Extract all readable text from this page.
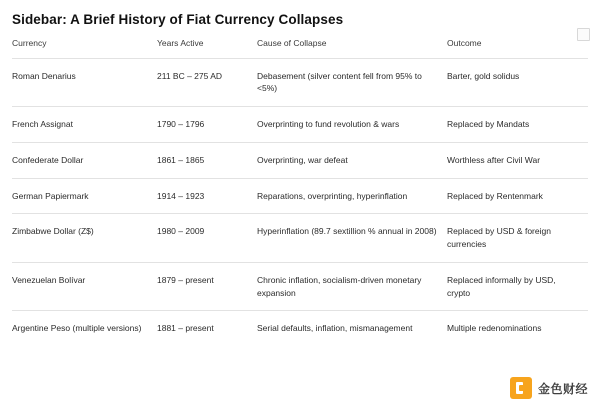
Sidebar: A Brief History of Fiat Currency Collapses
Currency	Years Active	Cause of Collapse	Outcome
Roman Denarius	211 BC – 275 AD	Debasement (silver content fell from 95% to <5%)	Barter, gold solidus
French Assignat	1790 – 1796	Overprinting to fund revolution & wars	Replaced by Mandats
Confederate Dollar	1861 – 1865	Overprinting, war defeat	Worthless after Civil War
German Papiermark	1914 – 1923	Reparations, overprinting, hyperinflation	Replaced by Rentenmark
Zimbabwe Dollar (Z$)	1980 – 2009	Hyperinflation (89.7 sextillion % annual in 2008)	Replaced by USD & foreign currencies
Venezuelan Bolívar	1879 – present	Chronic inflation, socialism-driven monetary expansion	Replaced informally by USD, crypto
Argentine Peso (multiple versions)	1881 – present	Serial defaults, inflation, mismanagement	Multiple redenominations
金色财经
